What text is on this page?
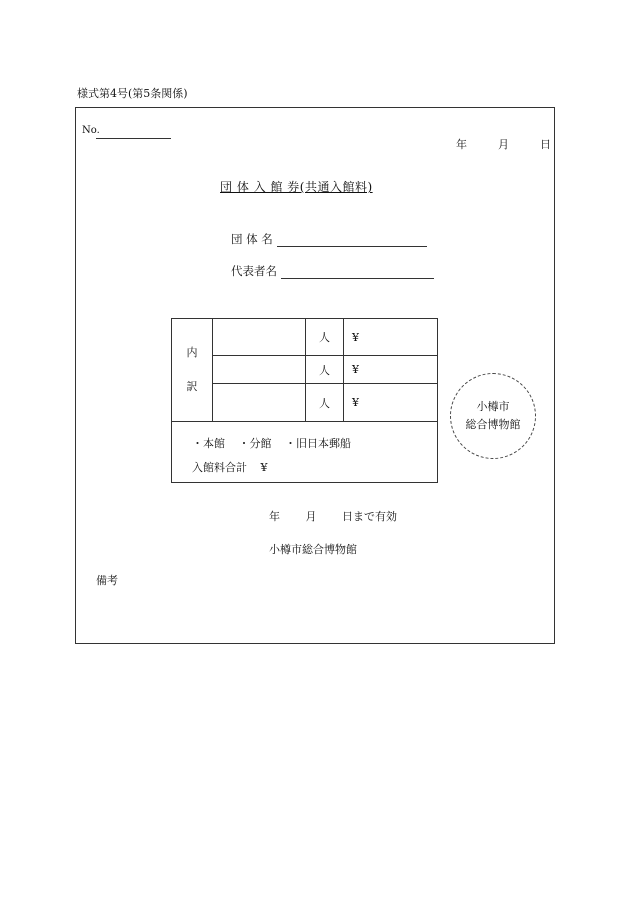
様式第4号(第5条関係)
No.
年	月	日
団 体 入 館 券(共通入館料)
団 体 名
代表者名
内
訳		人	¥
		人	¥
		人	¥

・本館 ・分館 ・旧日本郵船
入館料合計 ¥			
小樽市
総合博物館
年 月 日まで有効
小樽市総合博物館
備考
